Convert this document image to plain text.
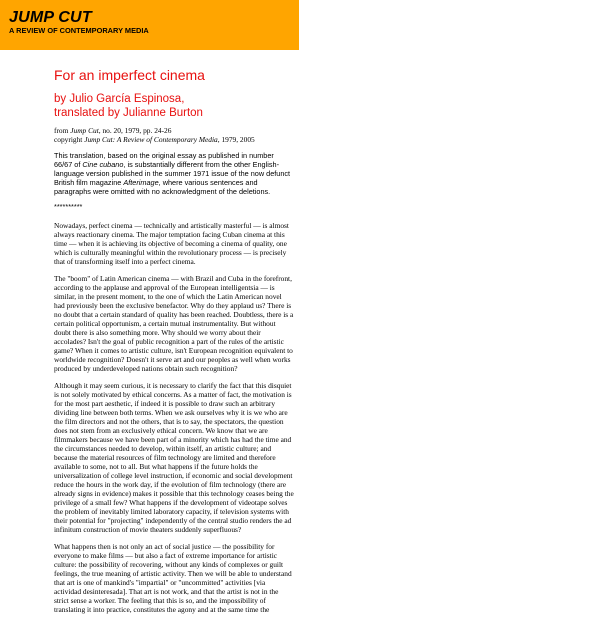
JUMP CUT
A REVIEW OF CONTEMPORARY MEDIA
For an imperfect cinema
by Julio García Espinosa,
translated by Julianne Burton
from Jump Cut, no. 20, 1979, pp. 24-26
copyright Jump Cut: A Review of Contemporary Media, 1979, 2005
This translation, based on the original essay as published in number 66/67 of Cine cubano, is substantially different from the other English-language version published in the summer 1971 issue of the now defunct British film magazine Afterimage, where various sentences and paragraphs were omitted with no acknowledgment of the deletions.
**********

Nowadays, perfect cinema — technically and artistically masterful — is almost always reactionary cinema. The major temptation facing Cuban cinema at this time — when it is achieving its objective of becoming a cinema of quality, one which is culturally meaningful within the revolutionary process — is precisely that of transforming itself into a perfect cinema.

The "boom" of Latin American cinema — with Brazil and Cuba in the forefront, according to the applause and approval of the European intelligentsia — is similar, in the present moment, to the one of which the Latin American novel had previously been the exclusive benefactor. Why do they applaud us? There is no doubt that a certain standard of quality has been reached. Doubtless, there is a certain political opportunism, a certain mutual instrumentality. But without doubt there is also something more. Why should we worry about their accolades? Isn't the goal of public recognition a part of the rules of the artistic game? When it comes to artistic culture, isn't European recognition equivalent to worldwide recognition? Doesn't it serve art and our peoples as well when works produced by underdeveloped nations obtain such recognition?

Although it may seem curious, it is necessary to clarify the fact that this disquiet is not solely motivated by ethical concerns. As a matter of fact, the motivation is for the most part aesthetic, if indeed it is possible to draw such an arbitrary dividing line between both terms. When we ask ourselves why it is we who are the film directors and not the others, that is to say, the spectators, the question does not stem from an exclusively ethical concern. We know that we are filmmakers because we have been part of a minority which has had the time and the circumstances needed to develop, within itself, an artistic culture; and because the material resources of film technology are limited and therefore available to some, not to all. But what happens if the future holds the universalization of college level instruction, if economic and social development reduce the hours in the work day, if the evolution of film technology (there are already signs in evidence) makes it possible that this technology ceases being the privilege of a small few? What happens if the development of videotape solves the problem of inevitably limited laboratory capacity, if television systems with their potential for "projecting" independently of the central studio renders the ad infinitum construction of movie theaters suddenly superfluous?

What happens then is not only an act of social justice — the possibility for everyone to make films — but also a fact of extreme importance for artistic culture: the possibility of recovering, without any kinds of complexes or guilt feelings, the true meaning of artistic activity. Then we will be able to understand that art is one of mankind's "impartial" or "uncommitted" activities [via actividad desinteresada]. That art is not work, and that the artist is not in the strict sense a worker. The feeling that this is so, and the impossibility of translating it into practice, constitutes the agony and at the same time the
